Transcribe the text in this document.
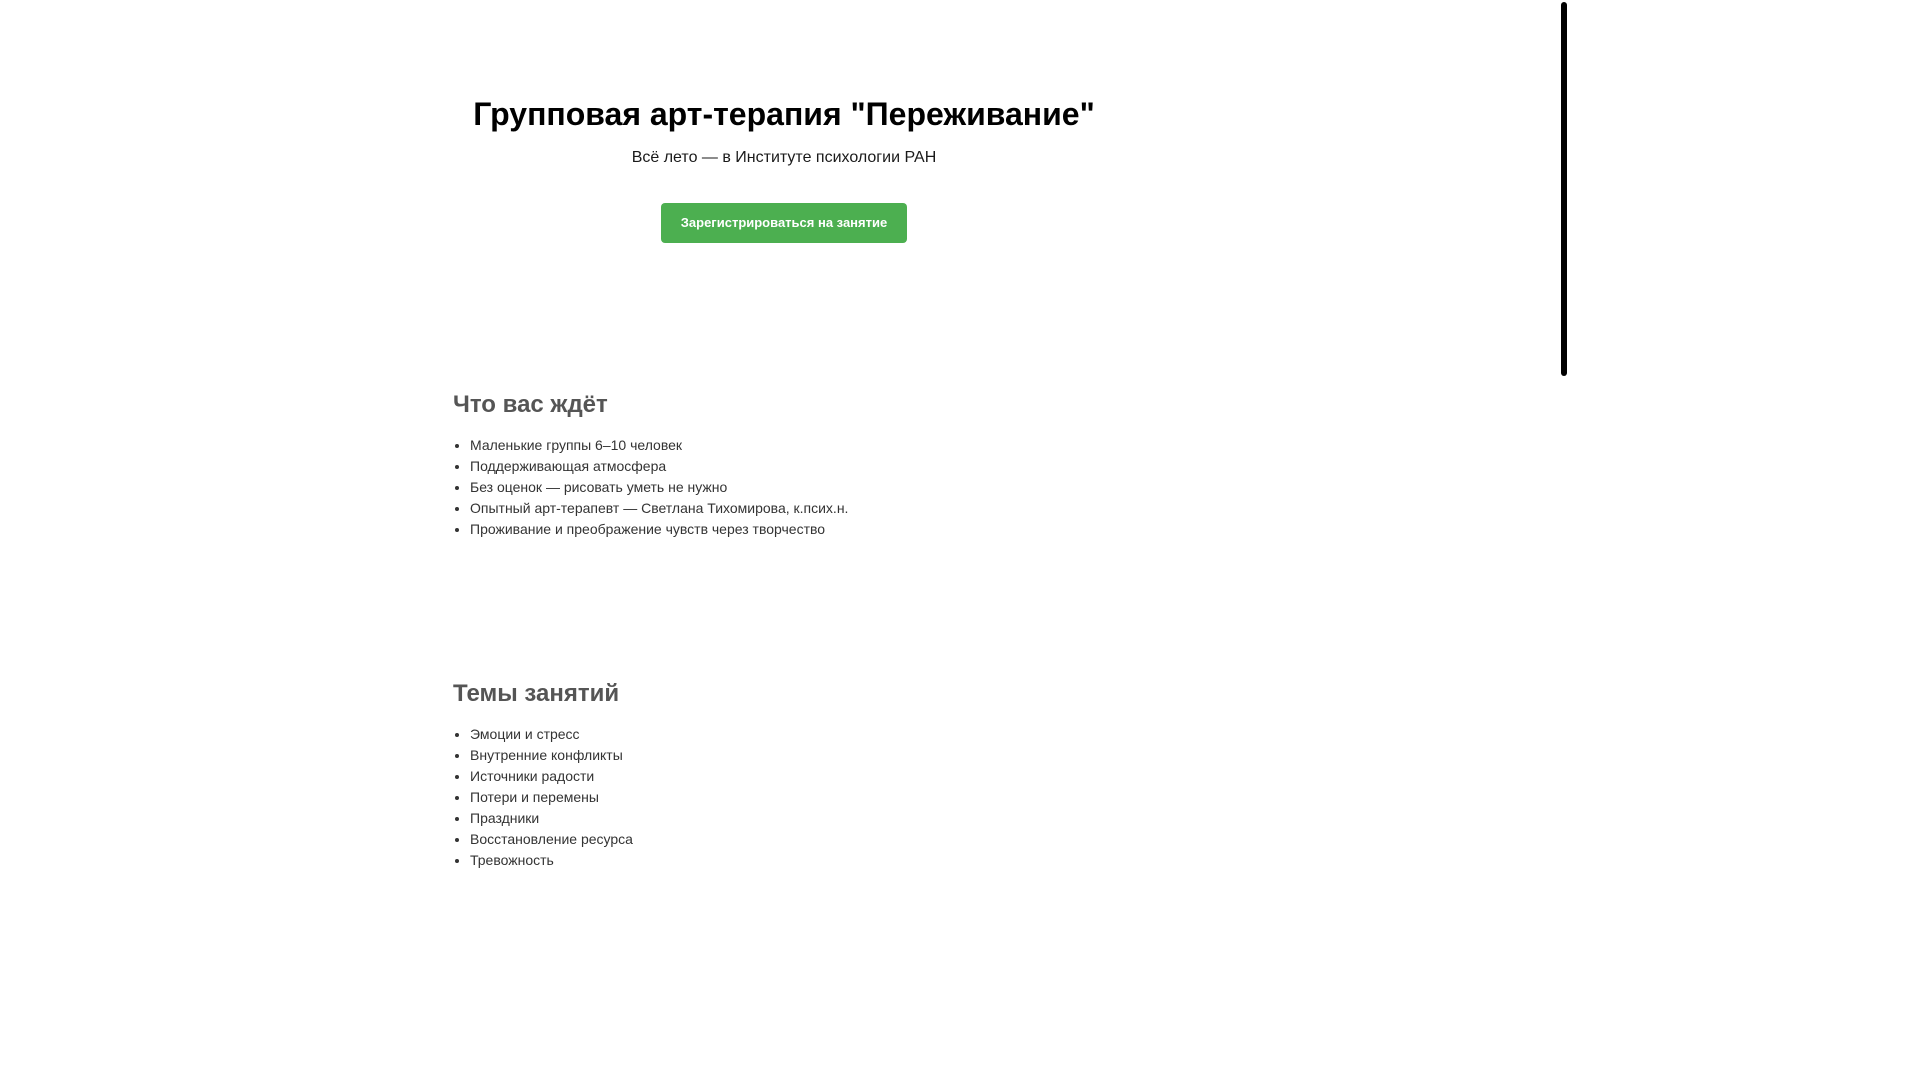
Групповая арт-терапия "Переживание"

Всё лето — в Институте психологии РАН

Зарегистрироваться на занятие
Что вас ждёт
• Маленькие группы 6–10 человек
• Поддерживающая атмосфера
• Без оценок — рисовать уметь не нужно
• Опытный арт-терапевт — Светлана Тихомирова, к.псих.н.
• Проживание и преображение чувств через творчество
Темы занятий
• Эмоции и стресс
• Внутренние конфликты
• Источники радости
• Потери и перемены
• Праздники
• Восстановление ресурса
• Тревожность
